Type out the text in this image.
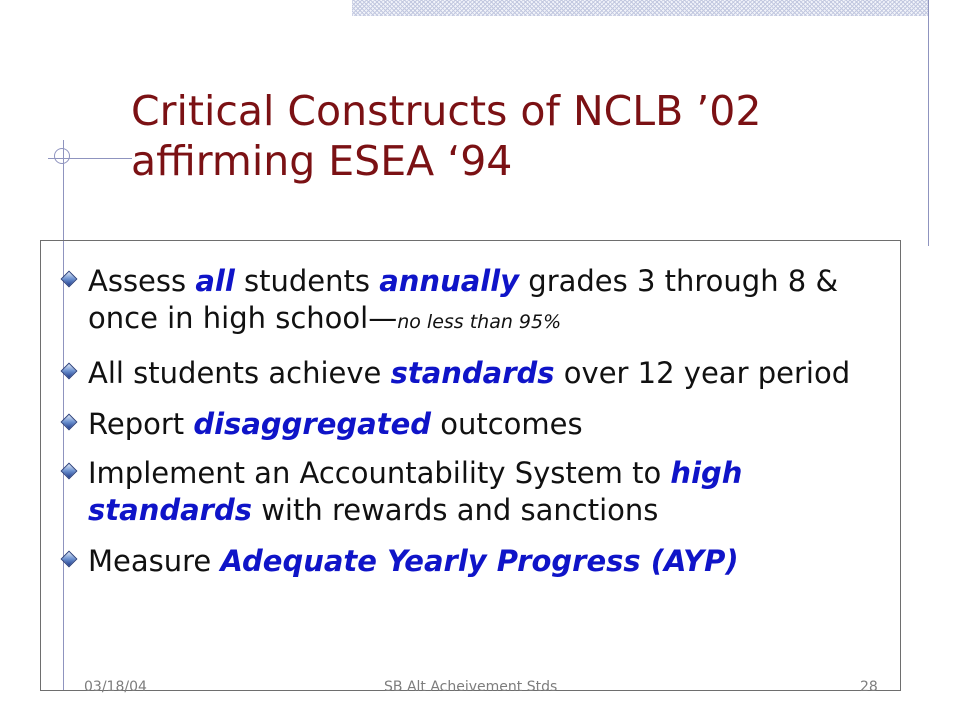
Critical Constructs of NCLB ’02
affirming ESEA ‘94
Assess all students annually grades 3 through 8 & once in high school—no less than 95%
All students achieve standards over 12 year period
Report disaggregated outcomes
Implement an Accountability System to high standards with rewards and sanctions
Measure Adequate Yearly Progress (AYP)
03/18/04	SB Alt Acheivement Stds	28
